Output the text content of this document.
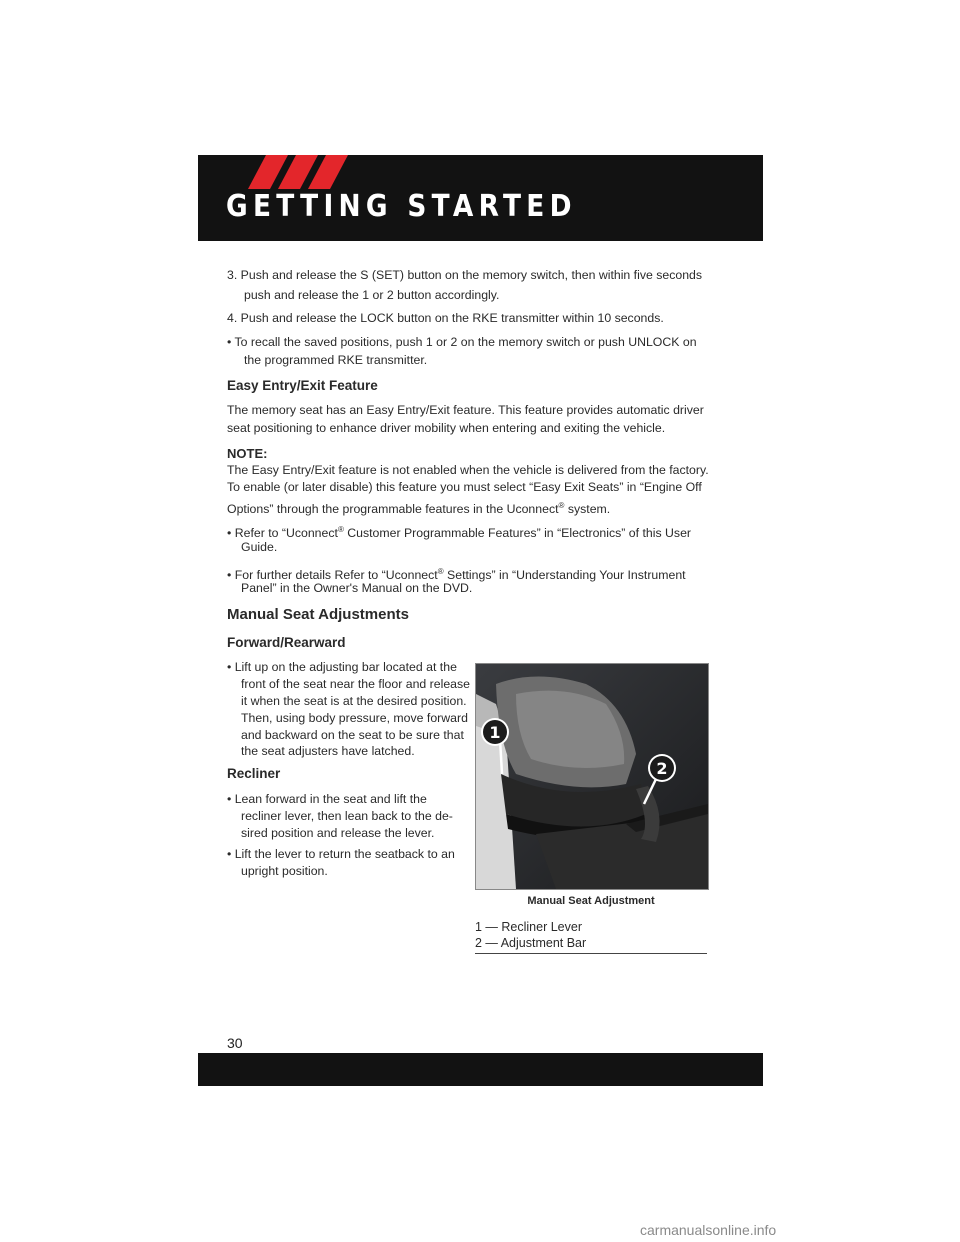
GETTING STARTED
3. Push and release the S (SET) button on the memory switch, then within five seconds
push and release the 1 or 2 button accordingly.
4. Push and release the LOCK button on the RKE transmitter within 10 seconds.
• To recall the saved positions, push 1 or 2 on the memory switch or push UNLOCK on
the programmed RKE transmitter.
Easy Entry/Exit Feature
The memory seat has an Easy Entry/Exit feature. This feature provides automatic driver
seat positioning to enhance driver mobility when entering and exiting the vehicle.
NOTE:
The Easy Entry/Exit feature is not enabled when the vehicle is delivered from the factory.
To enable (or later disable) this feature you must select “Easy Exit Seats” in “Engine Off
Options” through the programmable features in the Uconnect® system.
• Refer to “Uconnect® Customer Programmable Features” in “Electronics” of this User
Guide.
• For further details Refer to “Uconnect® Settings” in “Understanding Your Instrument
Panel” in the Owner's Manual on the DVD.
Manual Seat Adjustments
Forward/Rearward
• Lift up on the adjusting bar located at the
front of the seat near the floor and release
it when the seat is at the desired position.
Then, using body pressure, move forward
and backward on the seat to be sure that
the seat adjusters have latched.
Recliner
• Lean forward in the seat and lift the
recliner lever, then lean back to the de-
sired position and release the lever.
• Lift the lever to return the seatback to an
upright position.
1
2
Manual Seat Adjustment
1 — Recliner Lever
2 — Adjustment Bar
30
carmanualsonline.info
